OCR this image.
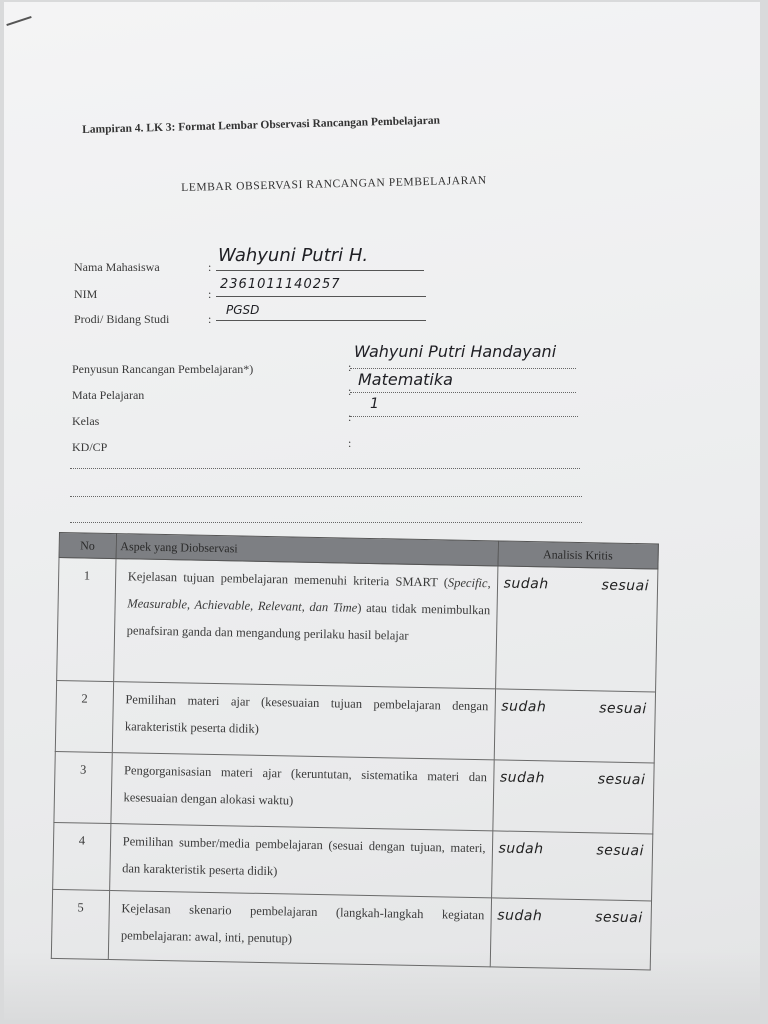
Lampiran 4. LK 3: Format Lembar Observasi Rancangan Pembelajaran
LEMBAR OBSERVASI RANCANGAN PEMBELAJARAN
Nama Mahasiswa	:
Wahyuni Putri H.
NIM	:
2361011140257
Prodi/ Bidang Studi	:
PGSD
Penyusun Rancangan Pembelajaran*)	:
Wahyuni Putri Handayani
Mata Pelajaran	:
Matematika
Kelas	:
1
KD/CP	:
No	Aspek yang Diobservasi	Analisis Kritis
1	Kejelasan tujuan pembelajaran memenuhi kriteria SMART (Specific, Measurable, Achievable, Relevant, dan Time) atau tidak menimbulkan penafsiran ganda dan mengandung perilaku hasil belajar	sudah sesuai

2	Pemilihan materi ajar (kesesuaian tujuan pembelajaran dengan karakteristik peserta didik)	sudah sesuai

3	Pengorganisasian materi ajar (keruntutan, sistematika materi dan kesesuaian dengan alokasi waktu)	sudah sesuai

4	Pemilihan sumber/media pembelajaran (sesuai dengan tujuan, materi, dan karakteristik peserta didik)	sudah sesuai

5	Kejelasan skenario pembelajaran (langkah-langkah kegiatan pembelajaran: awal, inti, penutup)	sudah sesuai
